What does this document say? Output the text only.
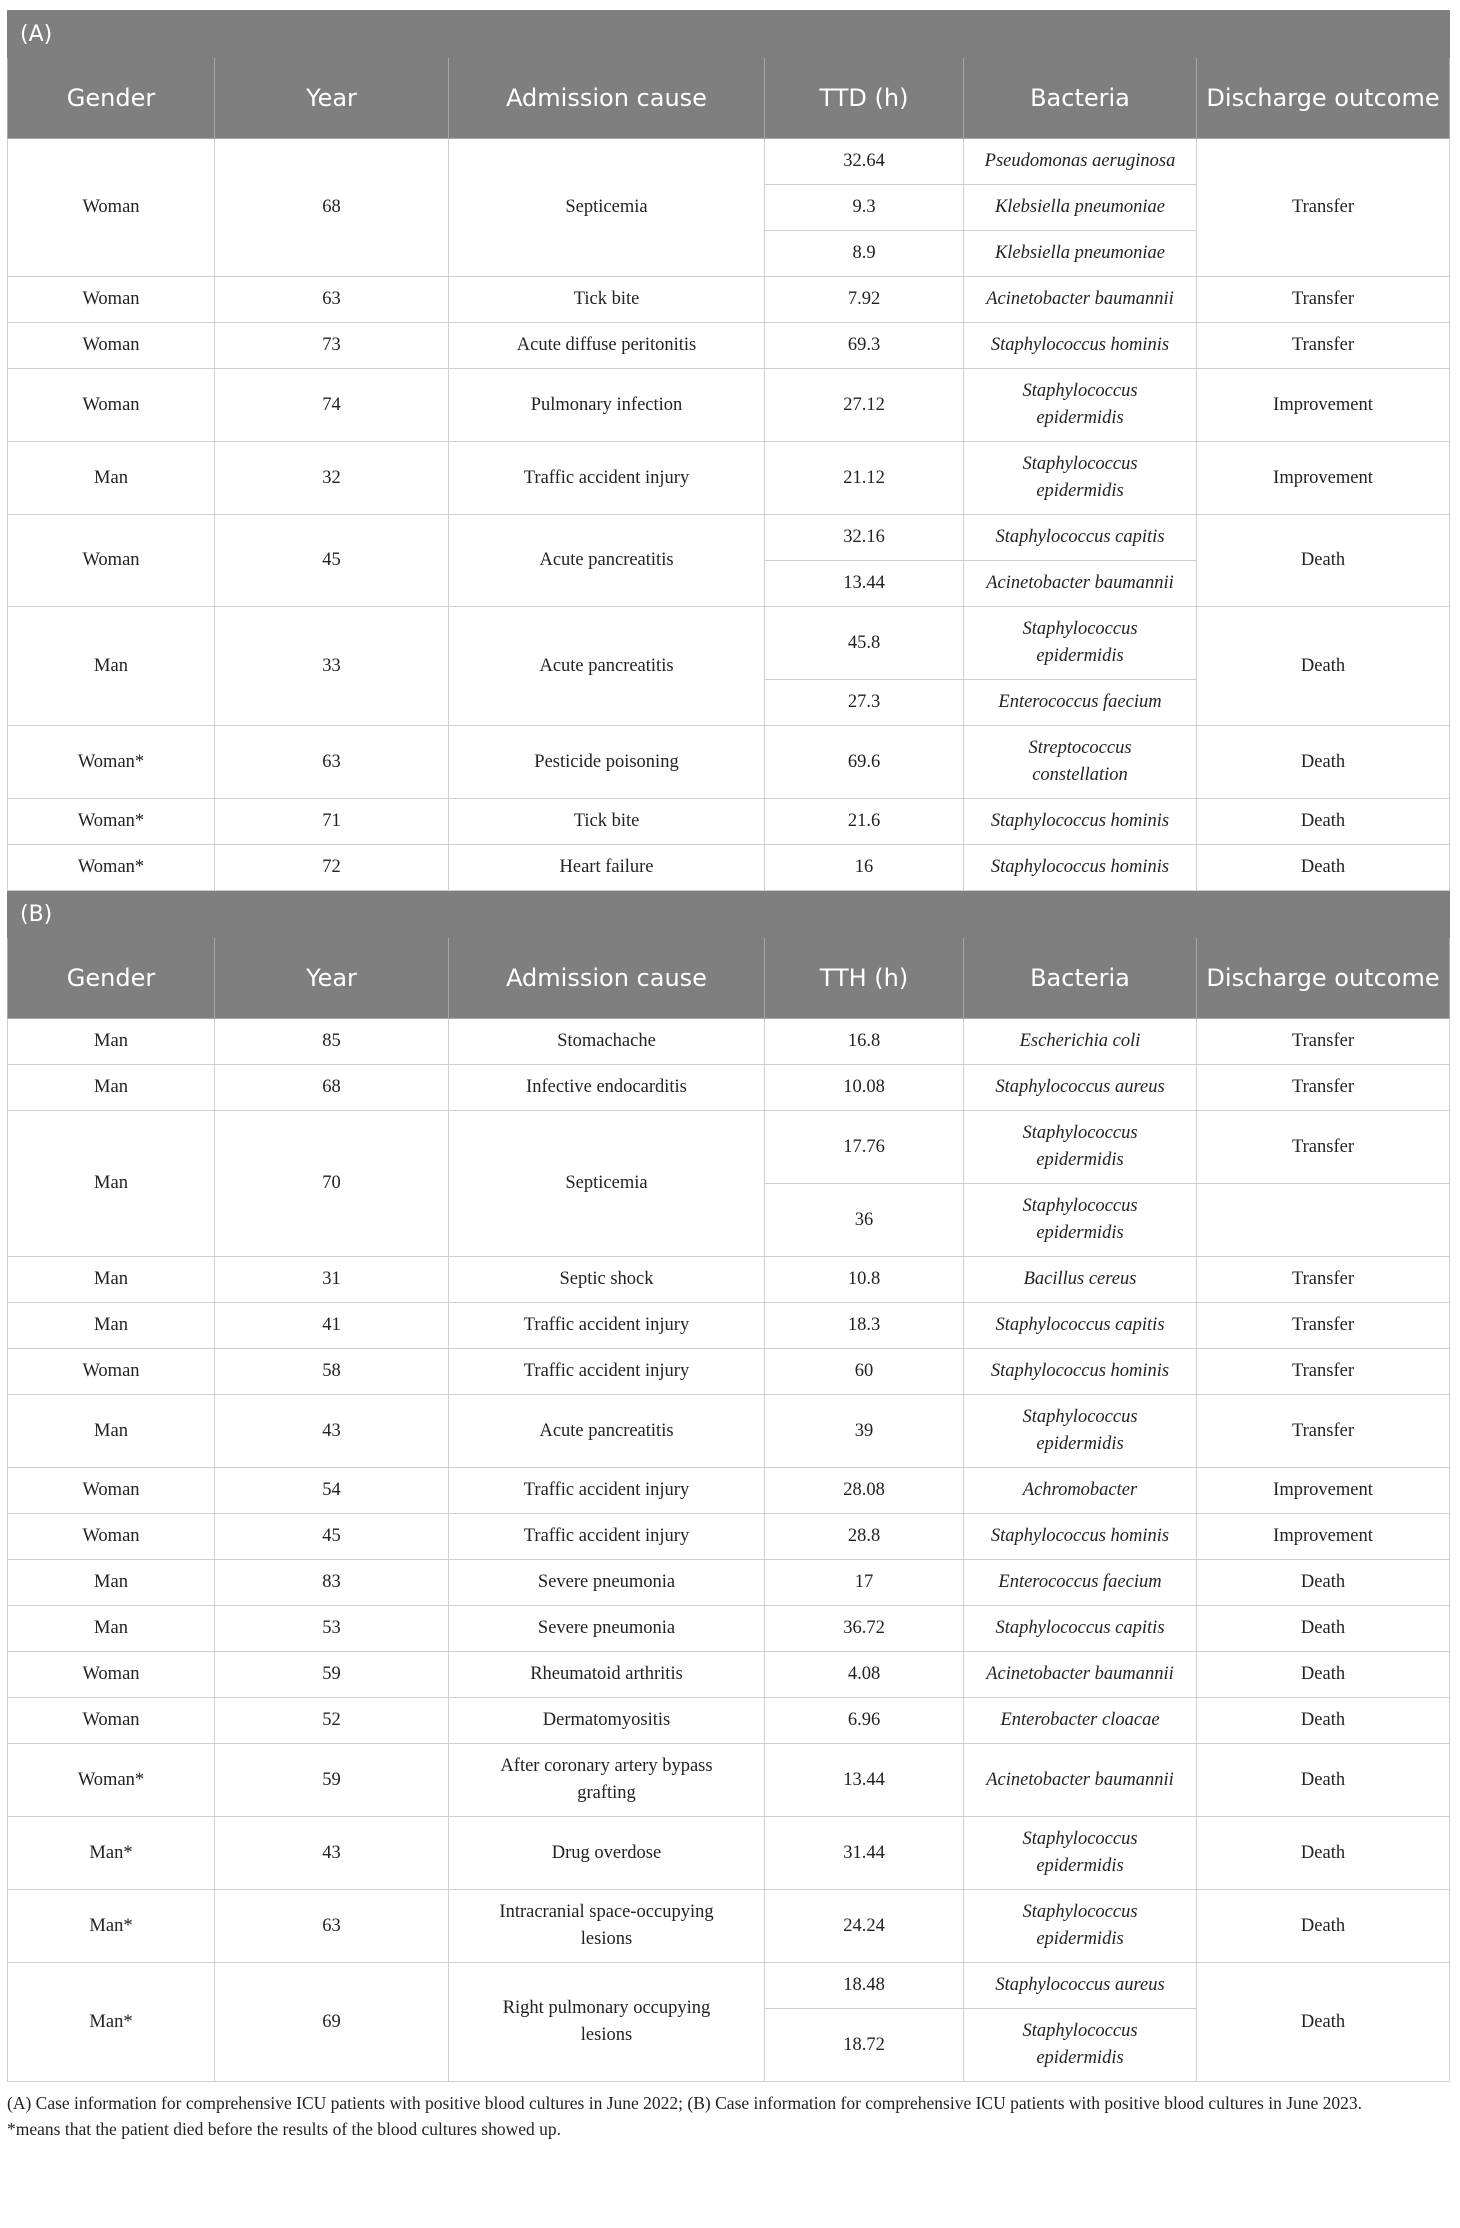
(A)					
Gender	Year	Admission cause	TTD (h)	Bacteria	Discharge outcome
Woman	68	Septicemia	32.64	Pseudomonas aeruginosa	Transfer
			9.3	Klebsiella pneumoniae	
			8.9	Klebsiella pneumoniae	
Woman	63	Tick bite	7.92	Acinetobacter baumannii	Transfer
Woman	73	Acute diffuse peritonitis	69.3	Staphylococcus hominis	Transfer
Woman	74	Pulmonary infection	27.12	Staphylococcus epidermidis	Improvement
Man	32	Traffic accident injury	21.12	Staphylococcus epidermidis	Improvement
Woman	45	Acute pancreatitis	32.16	Staphylococcus capitis	Death
			13.44	Acinetobacter baumannii	
Man	33	Acute pancreatitis	45.8	Staphylococcus epidermidis	Death
			27.3	Enterococcus faecium	
Woman*	63	Pesticide poisoning	69.6	Streptococcus constellation	Death
Woman*	71	Tick bite	21.6	Staphylococcus hominis	Death
Woman*	72	Heart failure	16	Staphylococcus hominis	Death
(B)					
Gender	Year	Admission cause	TTH (h)	Bacteria	Discharge outcome
Man	85	Stomachache	16.8	Escherichia coli	Transfer
Man	68	Infective endocarditis	10.08	Staphylococcus aureus	Transfer
Man	70	Septicemia	17.76	Staphylococcus epidermidis	Transfer
			36	Staphylococcus epidermidis	
Man	31	Septic shock	10.8	Bacillus cereus	Transfer
Man	41	Traffic accident injury	18.3	Staphylococcus capitis	Transfer
Woman	58	Traffic accident injury	60	Staphylococcus hominis	Transfer
Man	43	Acute pancreatitis	39	Staphylococcus epidermidis	Transfer
Woman	54	Traffic accident injury	28.08	Achromobacter	Improvement
Woman	45	Traffic accident injury	28.8	Staphylococcus hominis	Improvement
Man	83	Severe pneumonia	17	Enterococcus faecium	Death
Man	53	Severe pneumonia	36.72	Staphylococcus capitis	Death
Woman	59	Rheumatoid arthritis	4.08	Acinetobacter baumannii	Death
Woman	52	Dermatomyositis	6.96	Enterobacter cloacae	Death
Woman*	59	After coronary artery bypass grafting	13.44	Acinetobacter baumannii	Death
Man*	43	Drug overdose	31.44	Staphylococcus epidermidis	Death
Man*	63	Intracranial space-occupying lesions	24.24	Staphylococcus epidermidis	Death
Man*	69	Right pulmonary occupying lesions	18.48	Staphylococcus aureus	Death
			18.72	Staphylococcus epidermidis	
(A) Case information for comprehensive ICU patients with positive blood cultures in June 2022; (B) Case information for comprehensive ICU patients with positive blood cultures in June 2023.
*means that the patient died before the results of the blood cultures showed up.
